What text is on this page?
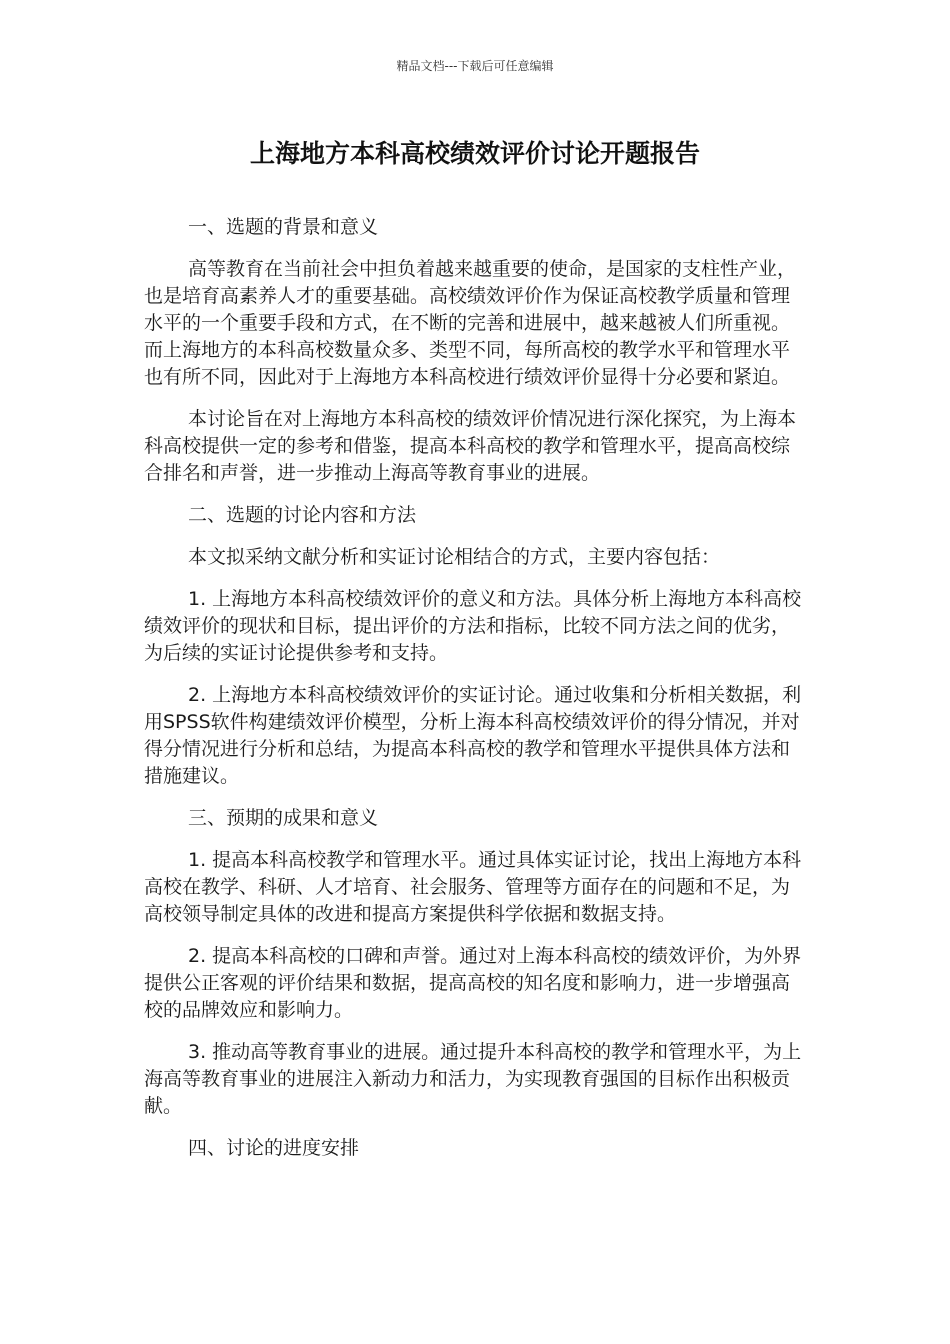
精品文档---下载后可任意编辑
上海地方本科高校绩效评价讨论开题报告
一、选题的背景和意义

高等教育在当前社会中担负着越来越重要的使命，是国家的支柱性产业，也是培育高素养人才的重要基础。高校绩效评价作为保证高校教学质量和管理水平的一个重要手段和方式，在不断的完善和进展中，越来越被人们所重视。而上海地方的本科高校数量众多、类型不同，每所高校的教学水平和管理水平也有所不同，因此对于上海地方本科高校进行绩效评价显得十分必要和紧迫。

本讨论旨在对上海地方本科高校的绩效评价情况进行深化探究，为上海本科高校提供一定的参考和借鉴，提高本科高校的教学和管理水平，提高高校综合排名和声誉，进一步推动上海高等教育事业的进展。

二、选题的讨论内容和方法

本文拟采纳文献分析和实证讨论相结合的方式，主要内容包括：

1. 上海地方本科高校绩效评价的意义和方法。具体分析上海地方本科高校绩效评价的现状和目标，提出评价的方法和指标，比较不同方法之间的优劣，为后续的实证讨论提供参考和支持。

2. 上海地方本科高校绩效评价的实证讨论。通过收集和分析相关数据，利用SPSS软件构建绩效评价模型，分析上海本科高校绩效评价的得分情况，并对得分情况进行分析和总结，为提高本科高校的教学和管理水平提供具体方法和措施建议。

三、预期的成果和意义

1. 提高本科高校教学和管理水平。通过具体实证讨论，找出上海地方本科高校在教学、科研、人才培育、社会服务、管理等方面存在的问题和不足，为高校领导制定具体的改进和提高方案提供科学依据和数据支持。

2. 提高本科高校的口碑和声誉。通过对上海本科高校的绩效评价，为外界提供公正客观的评价结果和数据，提高高校的知名度和影响力，进一步增强高校的品牌效应和影响力。

3. 推动高等教育事业的进展。通过提升本科高校的教学和管理水平，为上海高等教育事业的进展注入新动力和活力，为实现教育强国的目标作出积极贡献。

四、讨论的进度安排
